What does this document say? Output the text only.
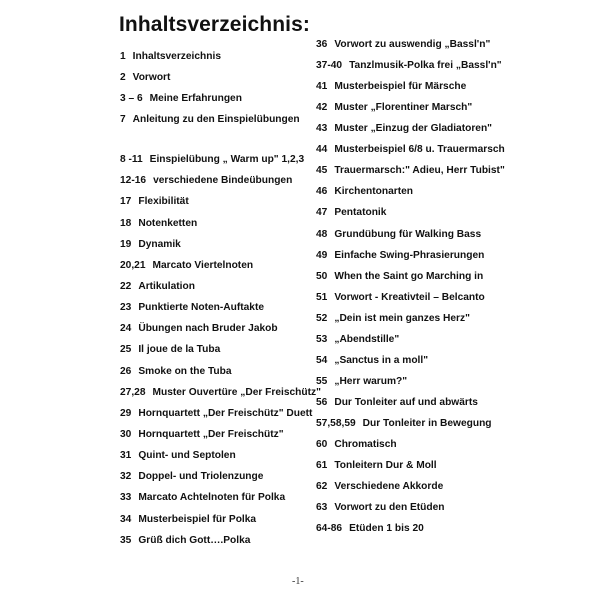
Inhaltsverzeichnis:
1 Inhaltsverzeichnis
2 Vorwort
3 – 6 Meine Erfahrungen
7 Anleitung zu den Einspielübungen
8 -11 Einspielübung „ Warm up" 1,2,3
12-16 verschiedene Bindeübungen
17 Flexibilität
18 Notenketten
19 Dynamik
20,21 Marcato Viertelnoten
22 Artikulation
23 Punktierte Noten-Auftakte
24 Übungen nach Bruder Jakob
25 Il joue de la Tuba
26 Smoke on the Tuba
27,28 Muster Ouvertüre „Der Freischütz"
29 Hornquartett „Der Freischütz" Duett
30 Hornquartett „Der Freischütz"
31 Quint- und Septolen
32 Doppel- und Triolenzunge
33 Marcato Achtelnoten für Polka
34 Musterbeispiel für Polka
35 Grüß dich Gott….Polka
36 Vorwort zu auswendig „Bassl'n"
37-40 Tanzlmusik-Polka frei „Bassl'n"
41 Musterbeispiel für Märsche
42 Muster „Florentiner Marsch"
43 Muster „Einzug der Gladiatoren"
44 Musterbeispiel 6/8 u. Trauermarsch
45 Trauermarsch:" Adieu, Herr Tubist"
46 Kirchentonarten
47 Pentatonik
48 Grundübung für Walking Bass
49 Einfache Swing-Phrasierungen
50 When the Saint go Marching in
51 Vorwort - Kreativteil – Belcanto
52 „Dein ist mein ganzes Herz"
53 „Abendstille"
54 „Sanctus in a moll"
55 „Herr warum?"
56 Dur Tonleiter auf und abwärts
57,58,59 Dur Tonleiter in Bewegung
60 Chromatisch
61 Tonleitern Dur & Moll
62 Verschiedene Akkorde
63 Vorwort zu den Etüden
64-86 Etüden 1 bis 20
-1-
